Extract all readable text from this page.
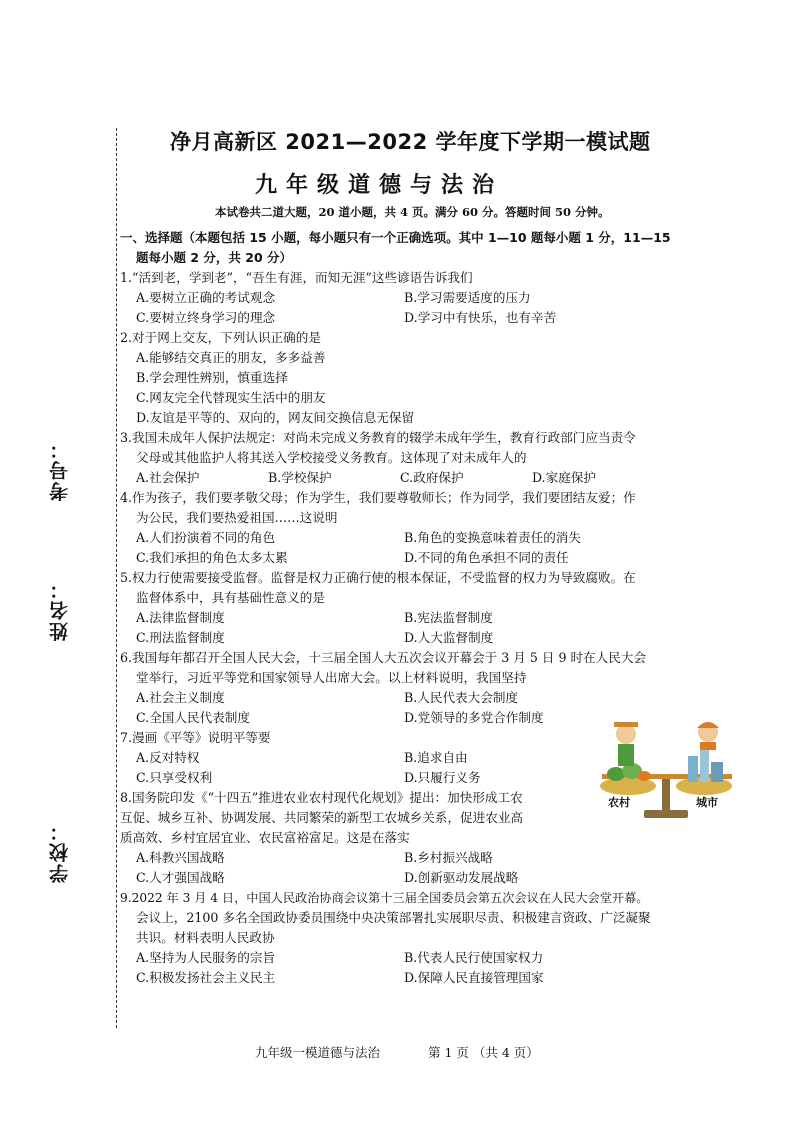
考号：
姓名：
学校：
净月高新区 2021—2022 学年度下学期一模试题
九年级道德与法治
本试卷共二道大题，20 道小题，共 4 页。满分 60 分。答题时间 50 分钟。
一、选择题（本题包括 15 小题，每小题只有一个正确选项。其中 1—10 题每小题 1 分，11—15
题每小题 2 分，共 20 分）
1.“活到老，学到老”，“吾生有涯，而知无涯”这些谚语告诉我们
A.要树立正确的考试观念	B.学习需要适度的压力
C.要树立终身学习的理念	D.学习中有快乐，也有辛苦
2.对于网上交友，下列认识正确的是
A.能够结交真正的朋友，多多益善
B.学会理性辨别，慎重选择
C.网友完全代替现实生活中的朋友
D.友谊是平等的、双向的，网友间交换信息无保留
3.我国未成年人保护法规定：对尚未完成义务教育的辍学未成年学生，教育行政部门应当责令
父母或其他监护人将其送入学校接受义务教育。这体现了对未成年人的
A.社会保护	B.学校保护	C.政府保护	D.家庭保护
4.作为孩子，我们要孝敬父母；作为学生，我们要尊敬师长；作为同学，我们要团结友爱；作
为公民，我们要热爱祖国……这说明
A.人们扮演着不同的角色	B.角色的变换意味着责任的消失
C.我们承担的角色太多太累	D.不同的角色承担不同的责任
5.权力行使需要接受监督。监督是权力正确行使的根本保证，不受监督的权力为导致腐败。在
监督体系中，具有基础性意义的是
A.法律监督制度	B.宪法监督制度
C.刑法监督制度	D.人大监督制度
6.我国每年都召开全国人民大会，十三届全国人大五次会议开幕会于 3 月 5 日 9 时在人民大会
堂举行，习近平等党和国家领导人出席大会。以上材料说明，我国坚持
A.社会主义制度	B.人民代表大会制度
C.全国人民代表制度	D.党领导的多党合作制度
7.漫画《平等》说明平等要
A.反对特权	B.追求自由
C.只享受权利	D.只履行义务
8.国务院印发《“十四五”推进农业农村现代化规划》提出：加快形成工农
互促、城乡互补、协调发展、共同繁荣的新型工农城乡关系，促进农业高
质高效、乡村宜居宜业、农民富裕富足。这是在落实
A.科教兴国战略	B.乡村振兴战略
C.人才强国战略	D.创新驱动发展战略
9.2022 年 3 月 4 日，中国人民政治协商会议第十三届全国委员会第五次会议在人民大会堂开幕。
会议上，2100 多名全国政协委员围绕中央决策部署扎实展职尽责、积极建言资政、广泛凝聚
共识。材料表明人民政协
A.坚持为人民服务的宗旨	B.代表人民行使国家权力
C.积极发扬社会主义民主	D.保障人民直接管理国家
农村	城市
九年级一模道德与法治	第 1 页 （共 4 页）
